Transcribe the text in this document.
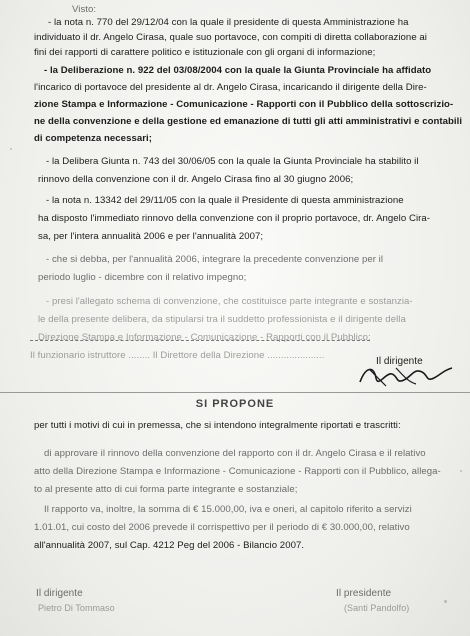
Visto:
- la nota n. 770 del 29/12/04 con la quale il presidente di questa Amministrazione ha
individuato il dr. Angelo Cirasa, quale suo portavoce, con compiti di diretta collaborazione ai
fini dei rapporti di carattere politico e istituzionale con gli organi di informazione;
- la Deliberazione n. 922 del 03/08/2004 con la quale la Giunta Provinciale ha affidato
l'incarico di portavoce del presidente al dr. Angelo Cirasa, incaricando il dirigente della Dire-
zione Stampa e Informazione - Comunicazione - Rapporti con il Pubblico della sottoscrizio-
ne della convenzione e della gestione ed emanazione di tutti gli atti amministrativi e contabili
di competenza necessari;
- la Delibera Giunta n. 743 del 30/06/05 con la quale la Giunta Provinciale ha stabilito il
rinnovo della convenzione con il dr. Angelo Cirasa fino al 30 giugno 2006;
- la nota n. 13342 del 29/11/05 con la quale il Presidente di questa amministrazione
ha disposto l'immediato rinnovo della convenzione con il proprio portavoce, dr. Angelo Cira-
sa, per l'intera annualità 2006 e per l'annualità 2007;
- che si debba, per l'annualità 2006, integrare la precedente convenzione per il
periodo luglio - dicembre con il relativo impegno;
- presi l'allegato schema di convenzione, che costituisce parte integrante e sostanzia-
le della presente delibera, da stipularsi tra il suddetto professionista e il dirigente della
Direzione Stampa e Informazione - Comunicazione - Rapporti con il Pubblico;
Il funzionario istruttore ........ Il Direttore della Direzione .....................
Il dirigente
SI PROPONE
per tutti i motivi di cui in premessa, che si intendono integralmente riportati e trascritti:
di approvare il rinnovo della convenzione del rapporto con il dr. Angelo Cirasa e il relativo
atto della Direzione Stampa e Informazione - Comunicazione - Rapporti con il Pubblico, allega-
to al presente atto di cui forma parte integrante e sostanziale;
Il rapporto va, inoltre, la somma di € 15.000,00, iva e oneri, al capitolo riferito a servizi
1.01.01, cui costo del 2006 prevede il corrispettivo per il periodo di € 30.000,00, relativo
all'annualità 2007, sul Cap. 4212 Peg del 2006 - Bilancio 2007.
Il dirigente
Pietro Di Tommaso
Il presidente
(Santi Pandolfo)
